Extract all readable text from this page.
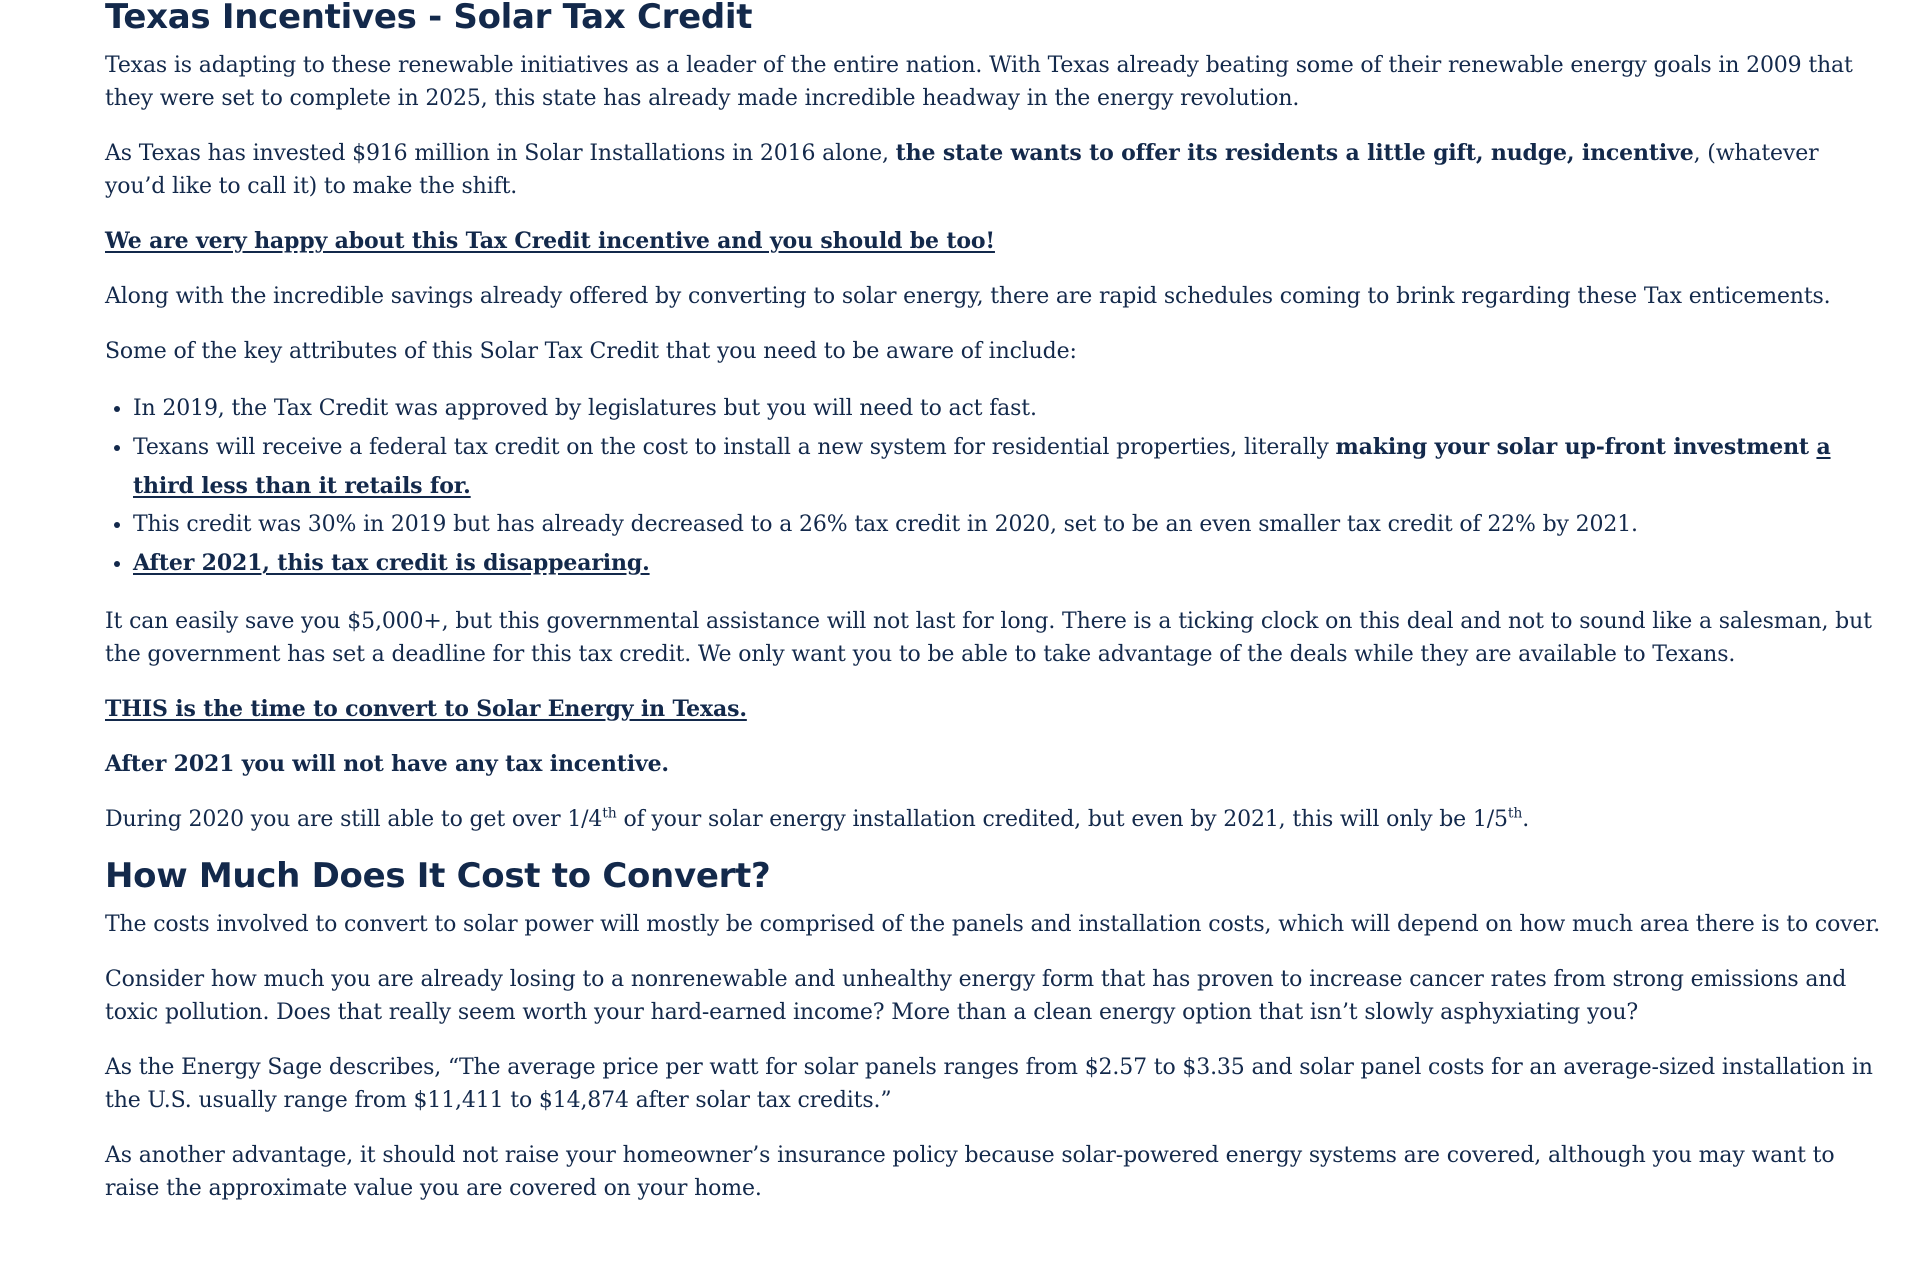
Texas Incentives - Solar Tax Credit

Texas is adapting to these renewable initiatives as a leader of the entire nation. With Texas already beating some of their renewable energy goals in 2009 that they were set to complete in 2025, this state has already made incredible headway in the energy revolution.

As Texas has invested $916 million in Solar Installations in 2016 alone, the state wants to offer its residents a little gift, nudge, incentive, (whatever you’d like to call it) to make the shift.

We are very happy about this Tax Credit incentive and you should be too!

Along with the incredible savings already offered by converting to solar energy, there are rapid schedules coming to brink regarding these Tax enticements.

Some of the key attributes of this Solar Tax Credit that you need to be aware of include:

• In 2019, the Tax Credit was approved by legislatures but you will need to act fast.
• Texans will receive a federal tax credit on the cost to install a new system for residential properties, literally making your solar up-front investment a third less than it retails for.
• This credit was 30% in 2019 but has already decreased to a 26% tax credit in 2020, set to be an even smaller tax credit of 22% by 2021.
• After 2021, this tax credit is disappearing.

It can easily save you $5,000+, but this governmental assistance will not last for long. There is a ticking clock on this deal and not to sound like a salesman, but the government has set a deadline for this tax credit. We only want you to be able to take advantage of the deals while they are available to Texans.

THIS is the time to convert to Solar Energy in Texas.

After 2021 you will not have any tax incentive.

During 2020 you are still able to get over 1/4th of your solar energy installation credited, but even by 2021, this will only be 1/5th.

How Much Does It Cost to Convert?

The costs involved to convert to solar power will mostly be comprised of the panels and installation costs, which will depend on how much area there is to cover.

Consider how much you are already losing to a nonrenewable and unhealthy energy form that has proven to increase cancer rates from strong emissions and toxic pollution. Does that really seem worth your hard-earned income? More than a clean energy option that isn’t slowly asphyxiating you?

As the Energy Sage describes, “The average price per watt for solar panels ranges from $2.57 to $3.35 and solar panel costs for an average-sized installation in the U.S. usually range from $11,411 to $14,874 after solar tax credits.”

As another advantage, it should not raise your homeowner’s insurance policy because solar-powered energy systems are covered, although you may want to raise the approximate value you are covered on your home.
